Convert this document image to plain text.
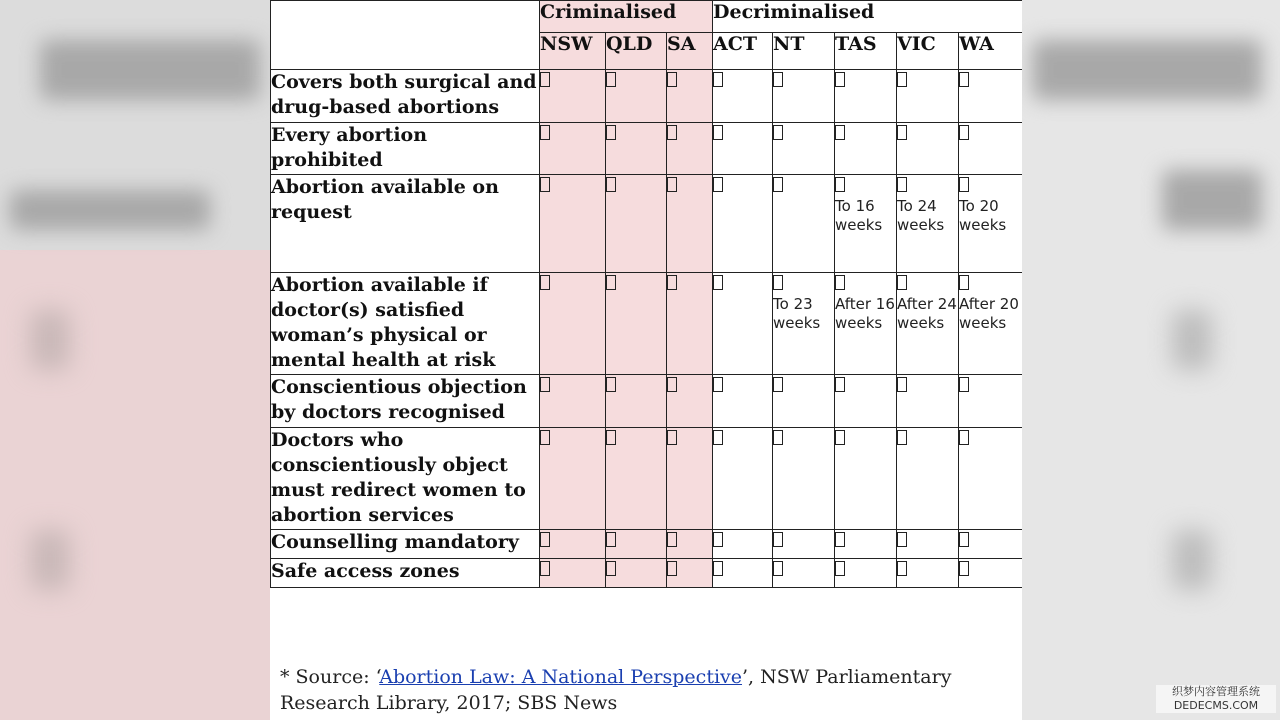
	Criminalised			Decriminalised				
	NSW	QLD	SA	ACT	NT	TAS	VIC	WA
Covers both surgical and drug-based abortions	

Every abortion prohibited	

Abortion available on request						To 16 weeks	To 24 weeks	To 20 weeks

Abortion available if doctor(s) satisfied woman’s physical or mental health at risk					To 23 weeks	After 16 weeks	After 24 weeks	After 20 weeks

Conscientious objection by doctors recognised	

Doctors who conscientiously object must redirect women to abortion services	

Counselling mandatory	

Safe access zones	

* Source: ‘Abortion Law: A National Perspective’, NSW Parliamentary Research Library, 2017; SBS News
织梦内容管理系统
DEDECMS.COM
